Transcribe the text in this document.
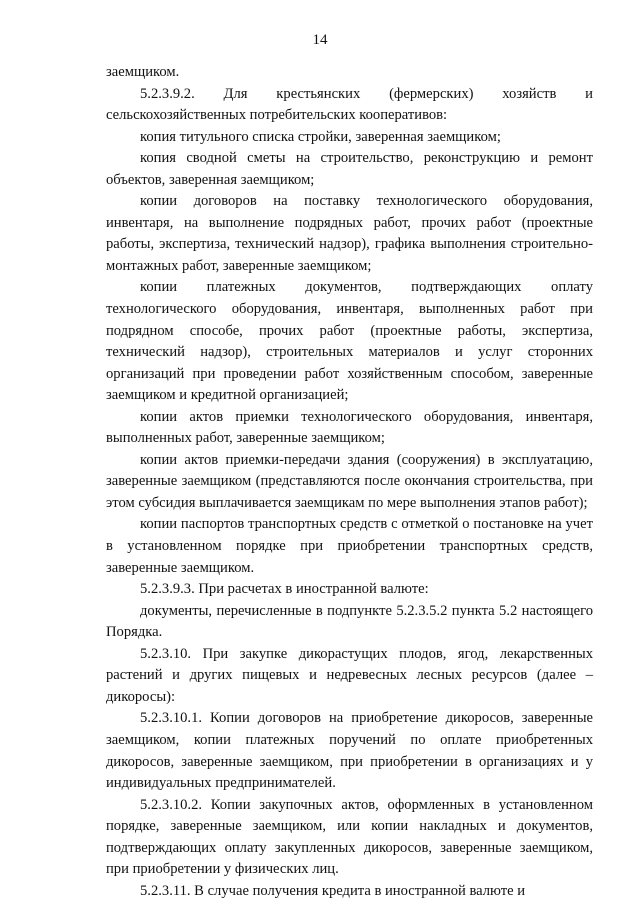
14

заемщиком.

5.2.3.9.2. Для крестьянских (фермерских) хозяйств и сельскохозяйственных потребительских кооперативов:

копия титульного списка стройки, заверенная заемщиком;

копия сводной сметы на строительство, реконструкцию и ремонт объектов, заверенная заемщиком;

копии договоров на поставку технологического оборудования, инвентаря, на выполнение подрядных работ, прочих работ (проектные работы, экспертиза, технический надзор), графика выполнения строительно-монтажных работ, заверенные заемщиком;

копии платежных документов, подтверждающих оплату технологического оборудования, инвентаря, выполненных работ при подрядном способе, прочих работ (проектные работы, экспертиза, технический надзор), строительных материалов и услуг сторонних организаций при проведении работ хозяйственным способом, заверенные заемщиком и кредитной организацией;

копии актов приемки технологического оборудования, инвентаря, выполненных работ, заверенные заемщиком;

копии актов приемки-передачи здания (сооружения) в эксплуатацию, заверенные заемщиком (представляются после окончания строительства, при этом субсидия выплачивается заемщикам по мере выполнения этапов работ);

копии паспортов транспортных средств с отметкой о постановке на учет в установленном порядке при приобретении транспортных средств, заверенные заемщиком.

5.2.3.9.3. При расчетах в иностранной валюте:

документы, перечисленные в подпункте 5.2.3.5.2 пункта 5.2 настоящего Порядка.

5.2.3.10. При закупке дикорастущих плодов, ягод, лекарственных растений и других пищевых и недревесных лесных ресурсов (далее – дикоросы):

5.2.3.10.1. Копии договоров на приобретение дикоросов, заверенные заемщиком, копии платежных поручений по оплате приобретенных дикоросов, заверенные заемщиком, при приобретении в организациях и у индивидуальных предпринимателей.

5.2.3.10.2. Копии закупочных актов, оформленных в установленном порядке, заверенные заемщиком, или копии накладных и документов, подтверждающих оплату закупленных дикоросов, заверенные заемщиком, при приобретении у физических лиц.

5.2.3.11. В случае получения кредита в иностранной валюте и
